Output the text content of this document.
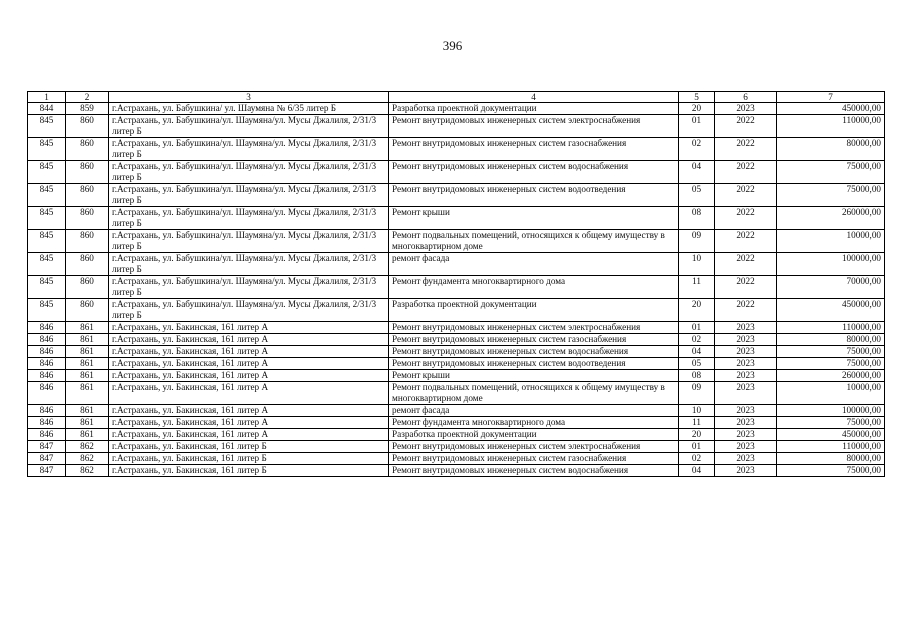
396
1	2	3	4	5	6	7
844	859	г.Астрахань, ул. Бабушкина/ ул. Шаумяна № 6/35 литер Б	Разработка проектной документации	20	2023	450000,00
845	860	г.Астрахань, ул. Бабушкина/ул. Шаумяна/ул. Мусы Джалиля, 2/31/3 литер Б	Ремонт внутридомовых инженерных систем электроснабжения	01	2022	110000,00
845	860	г.Астрахань, ул. Бабушкина/ул. Шаумяна/ул. Мусы Джалиля, 2/31/3 литер Б	Ремонт внутридомовых инженерных систем газоснабжения	02	2022	80000,00
845	860	г.Астрахань, ул. Бабушкина/ул. Шаумяна/ул. Мусы Джалиля, 2/31/3 литер Б	Ремонт внутридомовых инженерных систем водоснабжения	04	2022	75000,00
845	860	г.Астрахань, ул. Бабушкина/ул. Шаумяна/ул. Мусы Джалиля, 2/31/3 литер Б	Ремонт внутридомовых инженерных систем водоотведения	05	2022	75000,00
845	860	г.Астрахань, ул. Бабушкина/ул. Шаумяна/ул. Мусы Джалиля, 2/31/3 литер Б	Ремонт крыши	08	2022	260000,00
845	860	г.Астрахань, ул. Бабушкина/ул. Шаумяна/ул. Мусы Джалиля, 2/31/3 литер Б	Ремонт подвальных помещений, относящихся к общему имуществу в многоквартирном доме	09	2022	10000,00
845	860	г.Астрахань, ул. Бабушкина/ул. Шаумяна/ул. Мусы Джалиля, 2/31/3 литер Б	ремонт фасада	10	2022	100000,00
845	860	г.Астрахань, ул. Бабушкина/ул. Шаумяна/ул. Мусы Джалиля, 2/31/3 литер Б	Ремонт фундамента многоквартирного дома	11	2022	70000,00
845	860	г.Астрахань, ул. Бабушкина/ул. Шаумяна/ул. Мусы Джалиля, 2/31/3 литер Б	Разработка проектной документации	20	2022	450000,00
846	861	г.Астрахань, ул. Бакинская, 161 литер А	Ремонт внутридомовых инженерных систем электроснабжения	01	2023	110000,00
846	861	г.Астрахань, ул. Бакинская, 161 литер А	Ремонт внутридомовых инженерных систем газоснабжения	02	2023	80000,00
846	861	г.Астрахань, ул. Бакинская, 161 литер А	Ремонт внутридомовых инженерных систем водоснабжения	04	2023	75000,00
846	861	г.Астрахань, ул. Бакинская, 161 литер А	Ремонт внутридомовых инженерных систем водоотведения	05	2023	75000,00
846	861	г.Астрахань, ул. Бакинская, 161 литер А	Ремонт крыши	08	2023	260000,00
846	861	г.Астрахань, ул. Бакинская, 161 литер А	Ремонт подвальных помещений, относящихся к общему имуществу в многоквартирном доме	09	2023	10000,00
846	861	г.Астрахань, ул. Бакинская, 161 литер А	ремонт фасада	10	2023	100000,00
846	861	г.Астрахань, ул. Бакинская, 161 литер А	Ремонт фундамента многоквартирного дома	11	2023	75000,00
846	861	г.Астрахань, ул. Бакинская, 161 литер А	Разработка проектной документации	20	2023	450000,00
847	862	г.Астрахань, ул. Бакинская, 161 литер Б	Ремонт внутридомовых инженерных систем электроснабжения	01	2023	110000,00
847	862	г.Астрахань, ул. Бакинская, 161 литер Б	Ремонт внутридомовых инженерных систем газоснабжения	02	2023	80000,00
847	862	г.Астрахань, ул. Бакинская, 161 литер Б	Ремонт внутридомовых инженерных систем водоснабжения	04	2023	75000,00
